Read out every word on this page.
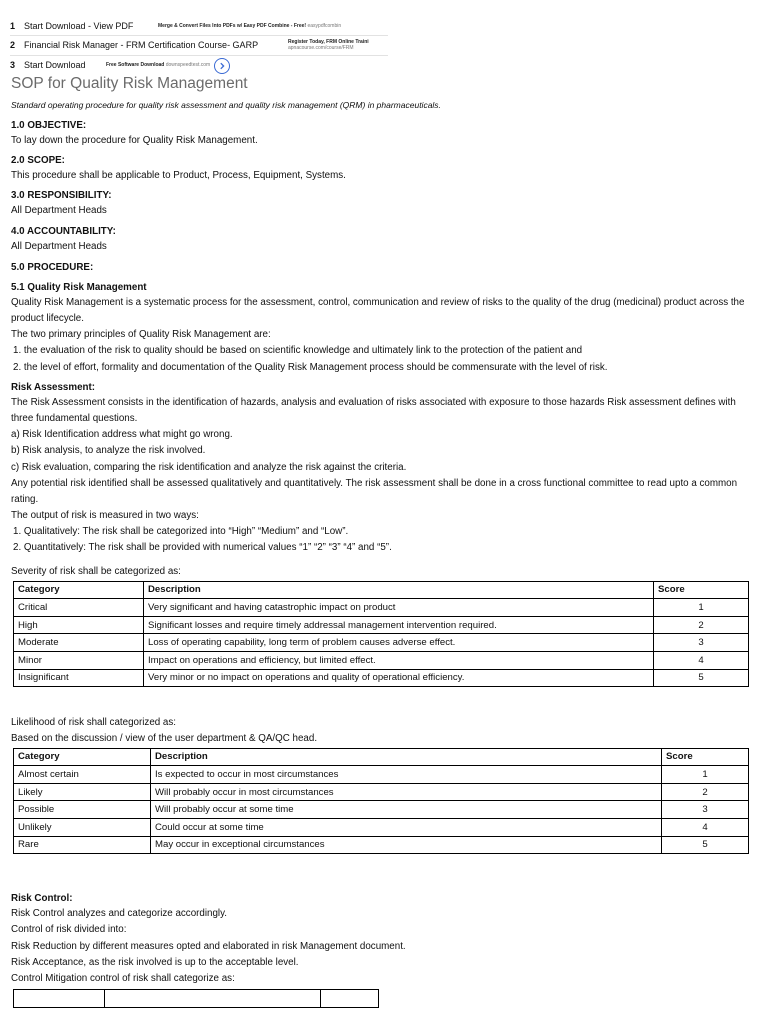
1 Start Download - View PDF	Merge & Convert Files Into PDFs w/ Easy PDF Combine - Free! easypdfcombin
2 Financial Risk Manager - FRM Certification Course- GARP	Register Today, FRM Online Traini
apnacourse.com/course/FRM
3 Start Download	Free Software Download downspeedtest.com
SOP for Quality Risk Management
Standard operating procedure for quality risk assessment and quality risk management (QRM) in pharmaceuticals.
1.0 OBJECTIVE:
To lay down the procedure for Quality Risk Management.
2.0 SCOPE:
This procedure shall be applicable to Product, Process, Equipment, Systems.
3.0 RESPONSIBILITY:
All Department Heads
4.0 ACCOUNTABILITY:
All Department Heads
5.0 PROCEDURE:
5.1 Quality Risk Management
Quality Risk Management is a systematic process for the assessment, control, communication and review of risks to the quality of the drug (medicinal) product across the product lifecycle.
The two primary principles of Quality Risk Management are:
1. the evaluation of the risk to quality should be based on scientific knowledge and ultimately link to the protection of the patient and
2. the level of effort, formality and documentation of the Quality Risk Management process should be commensurate with the level of risk.
Risk Assessment:
The Risk Assessment consists in the identification of hazards, analysis and evaluation of risks associated with exposure to those hazards Risk assessment defines with three fundamental questions.
a) Risk Identification address what might go wrong.
b) Risk analysis, to analyze the risk involved.
c) Risk evaluation, comparing the risk identification and analyze the risk against the criteria.
Any potential risk identified shall be assessed qualitatively and quantitatively. The risk assessment shall be done in a cross functional committee to read upto a common rating.
The output of risk is measured in two ways:
1. Qualitatively: The risk shall be categorized into “High” “Medium” and “Low”.
2. Quantitatively: The risk shall be provided with numerical values “1” “2” “3” “4” and “5”.
Severity of risk shall be categorized as:
Category	Description	Score
Critical	Very significant and having catastrophic impact on product	1
High	Significant losses and require timely addressal management intervention required.	2
Moderate	Loss of operating capability, long term of problem causes adverse effect.	3
Minor	Impact on operations and efficiency, but limited effect.	4
Insignificant	Very minor or no impact on operations and quality of operational efficiency.	5
Likelihood of risk shall categorized as:
Based on the discussion / view of the user department & QA/QC head.
Category	Description	Score
Almost certain	Is expected to occur in most circumstances	1
Likely	Will probably occur in most circumstances	2
Possible	Will probably occur at some time	3
Unlikely	Could occur at some time	4
Rare	May occur in exceptional circumstances	5
Risk Control:
Risk Control analyzes and categorize accordingly.
Control of risk divided into:
Risk Reduction by different measures opted and elaborated in risk Management document.
Risk Acceptance, as the risk involved is up to the acceptable level.
Control Mitigation control of risk shall categorize as:
